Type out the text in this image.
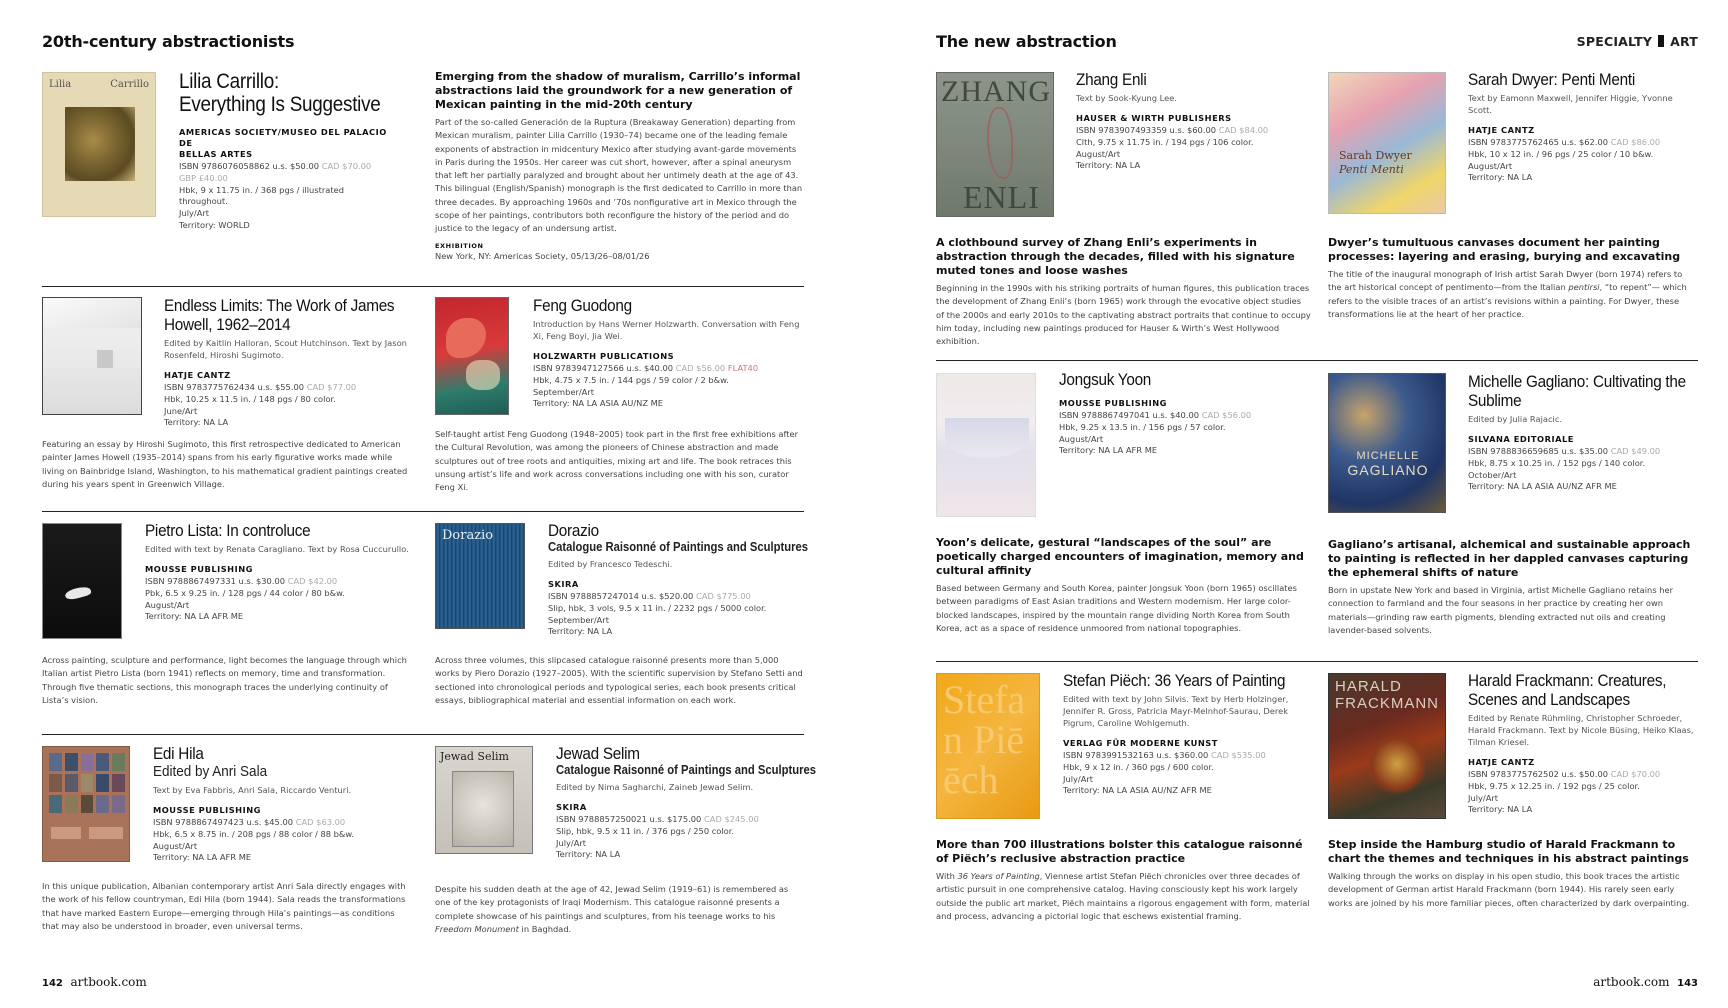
20th-century abstractionists
Lilia	Carrillo Lilia Carrillo:
Everything Is Suggestive
AMERICAS SOCIETY/MUSEO DEL PALACIO DE
BELLAS ARTES
ISBN 9786076058862 u.s. $50.00 CAD $70.00 GBP £40.00
Hbk, 9 x 11.75 in. / 368 pgs / illustrated throughout.
July/Art
Territory: WORLD
Emerging from the shadow of muralism, Carrillo’s informal abstractions laid the groundwork for a new generation of Mexican painting in the mid-20th century
Part of the so-called Generación de la Ruptura (Breakaway Generation) departing from Mexican muralism, painter Lilia Carrillo (1930–74) became one of the leading female exponents of abstraction in midcentury Mexico after studying avant-garde movements in Paris during the 1950s. Her career was cut short, however, after a spinal aneurysm that left her partially paralyzed and brought about her untimely death at the age of 43. This bilingual (English/Spanish) monograph is the first dedicated to Carrillo in more than three decades. By approaching 1960s and ’70s nonfigurative art in Mexico through the scope of her paintings, contributors both reconfigure the history of the period and do justice to the legacy of an undersung artist.
EXHIBITION
New York, NY: Americas Society, 05/13/26–08/01/26
Endless Limits: The Work of James
Howell, 1962–2014
Edited by Kaitlin Halloran, Scout Hutchinson. Text by Jason Rosenfeld, Hiroshi Sugimoto.
HATJE CANTZ
ISBN 9783775762434 u.s. $55.00 CAD $77.00
Hbk, 10.25 x 11.5 in. / 148 pgs / 80 color.
June/Art
Territory: NA LA
Featuring an essay by Hiroshi Sugimoto, this first retrospective dedicated to American painter James Howell (1935–2014) spans from his early figurative works made while living on Bainbridge Island, Washington, to his mathematical gradient paintings created during his years spent in Greenwich Village.
Feng Guodong
Introduction by Hans Werner Holzwarth. Conversation with Feng Xi, Feng Boyi, Jia Wei.
HOLZWARTH PUBLICATIONS
ISBN 9783947127566 u.s. $40.00 CAD $56.00 FLAT40
Hbk, 4.75 x 7.5 in. / 144 pgs / 59 color / 2 b&w.
September/Art
Territory: NA LA ASIA AU/NZ ME
Self-taught artist Feng Guodong (1948–2005) took part in the first free exhibitions after the Cultural Revolution, was among the pioneers of Chinese abstraction and made sculptures out of tree roots and antiquities, mixing art and life. The book retraces this unsung artist’s life and work across conversations including one with his son, curator Feng Xi.
Pietro Lista: In controluce
Edited with text by Renata Caragliano. Text by Rosa Cuccurullo.
MOUSSE PUBLISHING
ISBN 9788867497331 u.s. $30.00 CAD $42.00
Pbk, 6.5 x 9.25 in. / 128 pgs / 44 color / 80 b&w.
August/Art
Territory: NA LA AFR ME
Across painting, sculpture and performance, light becomes the language through which Italian artist Pietro Lista (born 1941) reflects on memory, time and transformation. Through five thematic sections, this monograph traces the underlying continuity of Lista’s vision.
Dorazio	Dorazio
Catalogue Raisonné of Paintings and Sculptures
Edited by Francesco Tedeschi.
SKIRA
ISBN 9788857247014 u.s. $520.00 CAD $775.00
Slip, hbk, 3 vols, 9.5 x 11 in. / 2232 pgs / 5000 color.
September/Art
Territory: NA LA
Across three volumes, this slipcased catalogue raisonné presents more than 5,000 works by Piero Dorazio (1927–2005). With the scientific supervision by Stefano Setti and sectioned into chronological periods and typological series, each book presents critical essays, bibliographical material and essential information on each work.
Edi Hila
Edited by Anri Sala
Text by Eva Fabbris, Anri Sala, Riccardo Venturi.
MOUSSE PUBLISHING
ISBN 9788867497423 u.s. $45.00 CAD $63.00
Hbk, 6.5 x 8.75 in. / 208 pgs / 88 color / 88 b&w.
August/Art
Territory: NA LA AFR ME
In this unique publication, Albanian contemporary artist Anri Sala directly engages with the work of his fellow countryman, Edi Hila (born 1944). Sala reads the transformations that have marked Eastern Europe—emerging through Hila’s paintings—as conditions that may also be understood in broader, even universal terms.
Jewad Selim	Jewad Selim
Catalogue Raisonné of Paintings and Sculptures
Edited by Nima Sagharchi, Zaineb Jewad Selim.
SKIRA
ISBN 9788857250021 u.s. $175.00 CAD $245.00
Slip, hbk, 9.5 x 11 in. / 376 pgs / 250 color.
July/Art
Territory: NA LA
Despite his sudden death at the age of 42, Jewad Selim (1919–61) is remembered as one of the key protagonists of Iraqi Modernism. This catalogue raisonné presents a complete showcase of his paintings and sculptures, from his teenage works to his Freedom Monument in Baghdad.
142 artbook.com
The new abstraction	SPECIALTY ART
ZHANG
ENLI
Zhang Enli
Text by Sook-Kyung Lee.
HAUSER & WIRTH PUBLISHERS
ISBN 9783907493359 u.s. $60.00 CAD $84.00
Clth, 9.75 x 11.75 in. / 194 pgs / 106 color.
August/Art
Territory: NA LA
A clothbound survey of Zhang Enli’s experiments in abstraction through the decades, filled with his signature muted tones and loose washes
Beginning in the 1990s with his striking portraits of human figures, this publication traces the development of Zhang Enli’s (born 1965) work through the evocative object studies of the 2000s and early 2010s to the captivating abstract portraits that continue to occupy him today, including new paintings produced for Hauser & Wirth’s West Hollywood exhibition.
Sarah Dwyer
Penti Menti
Sarah Dwyer: Penti Menti
Text by Eamonn Maxwell, Jennifer Higgie, Yvonne Scott.
HATJE CANTZ
ISBN 9783775762465 u.s. $62.00 CAD $86.00
Hbk, 10 x 12 in. / 96 pgs / 25 color / 10 b&w.
August/Art
Territory: NA LA
Dwyer’s tumultuous canvases document her painting processes: layering and erasing, burying and excavating
The title of the inaugural monograph of Irish artist Sarah Dwyer (born 1974) refers to the art historical concept of pentimento—from the Italian pentirsi, “to repent”— which refers to the visible traces of an artist’s revisions within a painting. For Dwyer, these transformations lie at the heart of her practice.
Jongsuk Yoon
MOUSSE PUBLISHING
ISBN 9788867497041 u.s. $40.00 CAD $56.00
Hbk, 9.25 x 13.5 in. / 156 pgs / 57 color.
August/Art
Territory: NA LA AFR ME
Yoon’s delicate, gestural “landscapes of the soul” are poetically charged encounters of imagination, memory and cultural affinity
Based between Germany and South Korea, painter Jongsuk Yoon (born 1965) oscillates between paradigms of East Asian traditions and Western modernism. Her large color-blocked landscapes, inspired by the mountain range dividing North Korea from South Korea, act as a space of residence unmoored from national topographies.
MICHELLE
GAGLIANO
Michelle Gagliano: Cultivating the
Sublime
Edited by Julia Rajacic.
SILVANA EDITORIALE
ISBN 9788836659685 u.s. $35.00 CAD $49.00
Hbk, 8.75 x 10.25 in. / 152 pgs / 140 color.
October/Art
Territory: NA LA ASIA AU/NZ AFR ME
Gagliano’s artisanal, alchemical and sustainable approach to painting is reflected in her dappled canvases capturing the ephemeral shifts of nature
Born in upstate New York and based in Virginia, artist Michelle Gagliano retains her connection to farmland and the four seasons in her practice by creating her own materials—grinding raw earth pigments, blending extracted nut oils and creating lavender-based solvents.
Stefa
n Piē
ēch
Stefan Piëch: 36 Years of Painting
Edited with text by John Silvis. Text by Herb Holzinger, Jennifer R. Gross, Patricia Mayr-Melnhof-Saurau, Derek Pigrum, Caroline Wohlgemuth.
VERLAG FÜR MODERNE KUNST
ISBN 9783991532163 u.s. $360.00 CAD $535.00
Hbk, 9 x 12 in. / 360 pgs / 600 color.
July/Art
Territory: NA LA ASIA AU/NZ AFR ME
More than 700 illustrations bolster this catalogue raisonné of Piëch’s reclusive abstraction practice
With 36 Years of Painting, Viennese artist Stefan Piëch chronicles over three decades of artistic pursuit in one comprehensive catalog. Having consciously kept his work largely outside the public art market, Piëch maintains a rigorous engagement with form, material and process, advancing a pictorial logic that eschews existential framing.
HARALD
FRACKMANN
Harald Frackmann: Creatures,
Scenes and Landscapes
Edited by Renate Rühmling, Christopher Schroeder, Harald Frackmann. Text by Nicole Büsing, Heiko Klaas, Tilman Kriesel.
HATJE CANTZ
ISBN 9783775762502 u.s. $50.00 CAD $70.00
Hbk, 9.75 x 12.25 in. / 192 pgs / 25 color.
July/Art
Territory: NA LA
Step inside the Hamburg studio of Harald Frackmann to chart the themes and techniques in his abstract paintings
Walking through the works on display in his open studio, this book traces the artistic development of German artist Harald Frackmann (born 1944). His rarely seen early works are joined by his more familiar pieces, often characterized by dark overpainting.
artbook.com 143
